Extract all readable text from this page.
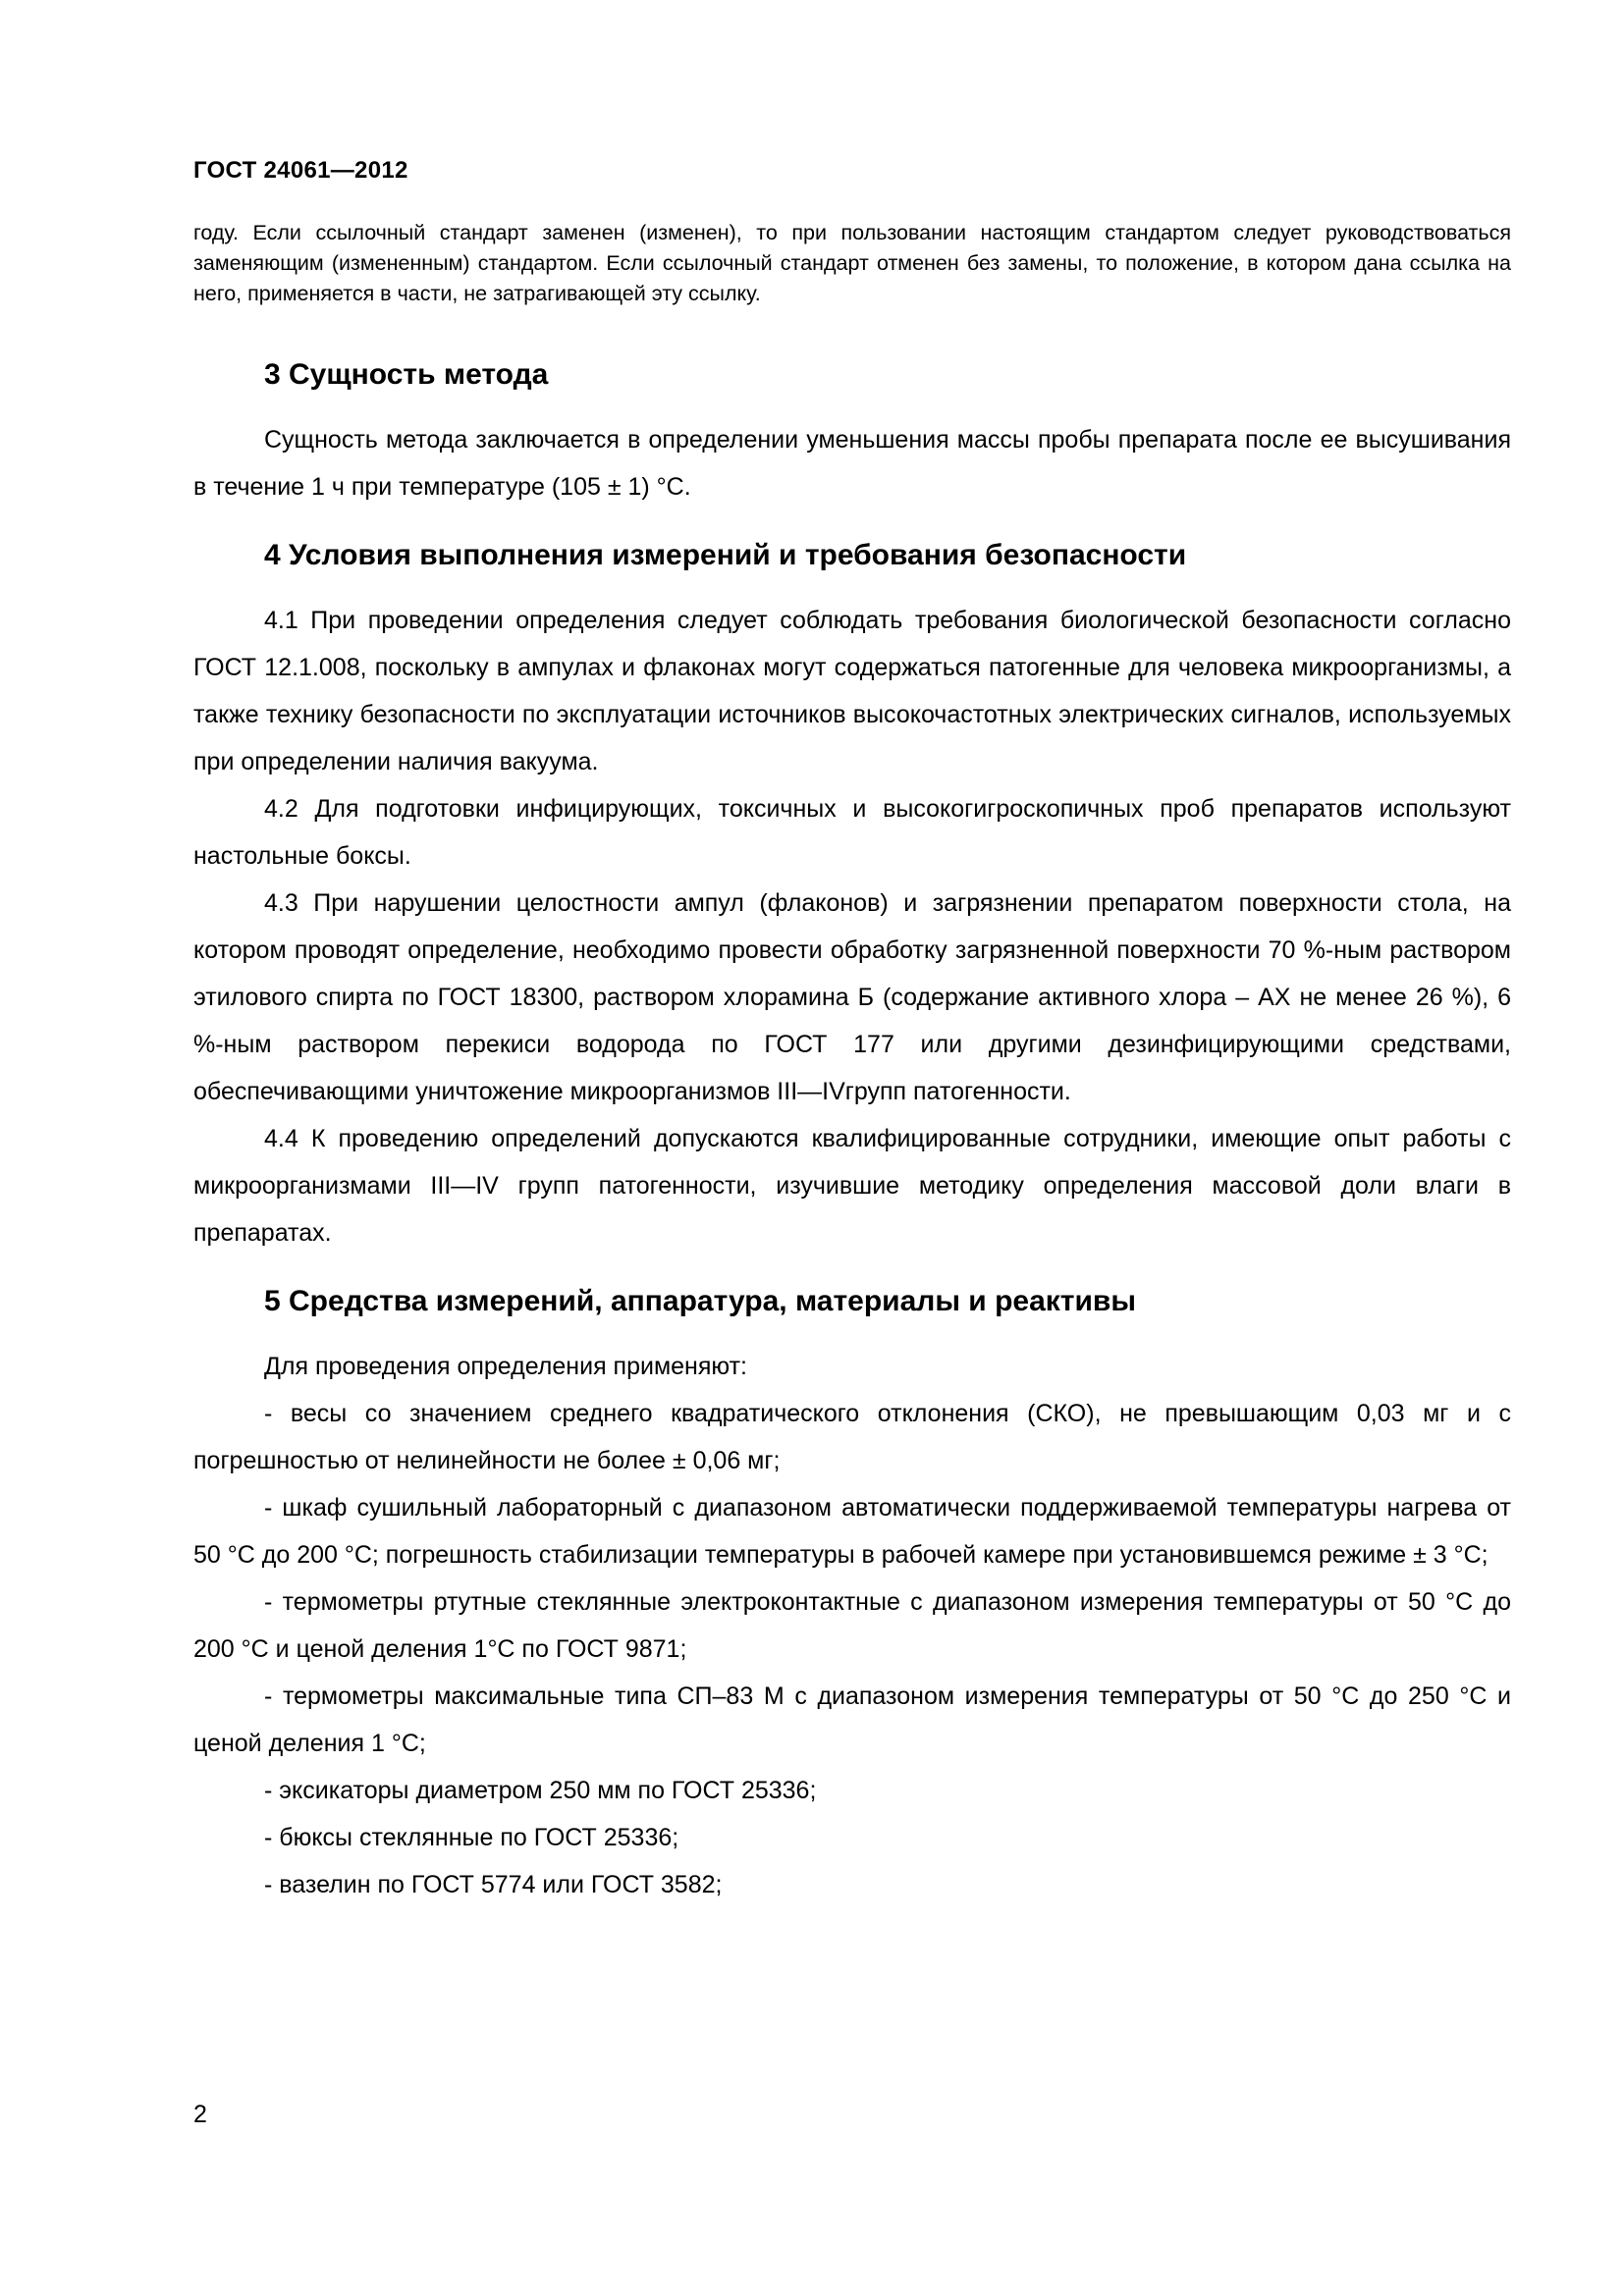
ГОСТ 24061—2012

году. Если ссылочный стандарт заменен (изменен), то при пользовании настоящим стандартом следует руководствоваться заменяющим (измененным) стандартом. Если ссылочный стандарт отменен без замены, то положение, в котором дана ссылка на него, применяется в части, не затрагивающей эту ссылку.

3 Сущность метода

Сущность метода заключается в определении уменьшения массы пробы препарата после ее высушивания в течение 1 ч при температуре (105 ± 1) °С.

4 Условия выполнения измерений и требования безопасности

4.1 При проведении определения следует соблюдать требования биологической безопасности согласно ГОСТ 12.1.008, поскольку в ампулах и флаконах могут содержаться патогенные для человека микроорганизмы, а также технику безопасности по эксплуатации источников высокочастотных электрических сигналов, используемых при определении наличия вакуума.

4.2 Для подготовки инфицирующих, токсичных и высокогигроскопичных проб препаратов используют настольные боксы.

4.3 При нарушении целостности ампул (флаконов) и загрязнении препаратом поверхности стола, на котором проводят определение, необходимо провести обработку загрязненной поверхности 70 %-ным раствором этилового спирта по ГОСТ 18300, раствором хлорамина Б (содержание активного хлора – АХ не менее 26 %), 6 %-ным раствором перекиси водорода по ГОСТ 177 или другими дезинфицирующими средствами, обеспечивающими уничтожение микроорганизмов III—IVгрупп патогенности.

4.4 К проведению определений допускаются квалифицированные сотрудники, имеющие опыт работы с микроорганизмами III—IV групп патогенности, изучившие методику определения массовой доли влаги в препаратах.

5 Средства измерений, аппаратура, материалы и реактивы

Для проведения определения применяют:

- весы со значением среднего квадратического отклонения (СКО), не превышающим 0,03 мг и с погрешностью от нелинейности не более ± 0,06 мг;

- шкаф сушильный лабораторный с диапазоном автоматически поддерживаемой температуры нагрева от 50 °С до 200 °С; погрешность стабилизации температуры в рабочей камере при установившемся режиме ± 3 °С;

- термометры ртутные стеклянные электроконтактные с диапазоном измерения температуры от 50 °С до 200 °С и ценой деления 1°С по ГОСТ 9871;

- термометры максимальные типа СП–83 М с диапазоном измерения температуры от 50 °С до 250 °С и ценой деления 1 °С;

- эксикаторы диаметром 250 мм по ГОСТ 25336;

- бюксы стеклянные по ГОСТ 25336;

- вазелин по ГОСТ 5774 или ГОСТ 3582;

2
